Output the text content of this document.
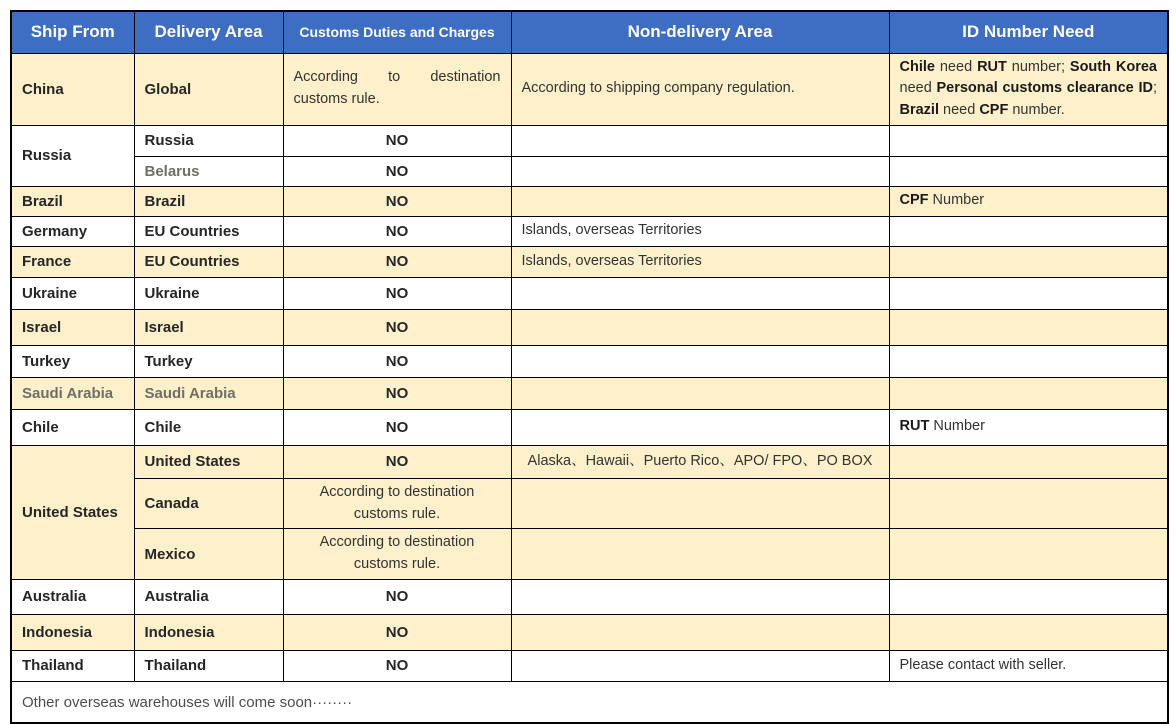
Ship From	Delivery Area	Customs Duties and Charges	Non-delivery Area	ID Number Need
China	Global	According to destination customs rule.	According to shipping company regulation.	Chile need RUT number; South Korea need Personal customs clearance ID; Brazil need CPF number.
Russia	Russia	NO		
	Belarus	NO		
Brazil	Brazil	NO		CPF Number
Germany	EU Countries	NO	Islands, overseas Territories	
France	EU Countries	NO	Islands, overseas Territories	
Ukraine	Ukraine	NO		
Israel	Israel	NO		
Turkey	Turkey	NO		
Saudi Arabia	Saudi Arabia	NO		
Chile	Chile	NO		RUT Number
United States	United States	NO	Alaska、Hawaii、Puerto Rico、APO/ FPO、PO BOX	
	Canada	According to destination customs rule.		
	Mexico	According to destination customs rule.		
Australia	Australia	NO		
Indonesia	Indonesia	NO		
Thailand	Thailand	NO		Please contact with seller.
Other overseas warehouses will come soon········				
